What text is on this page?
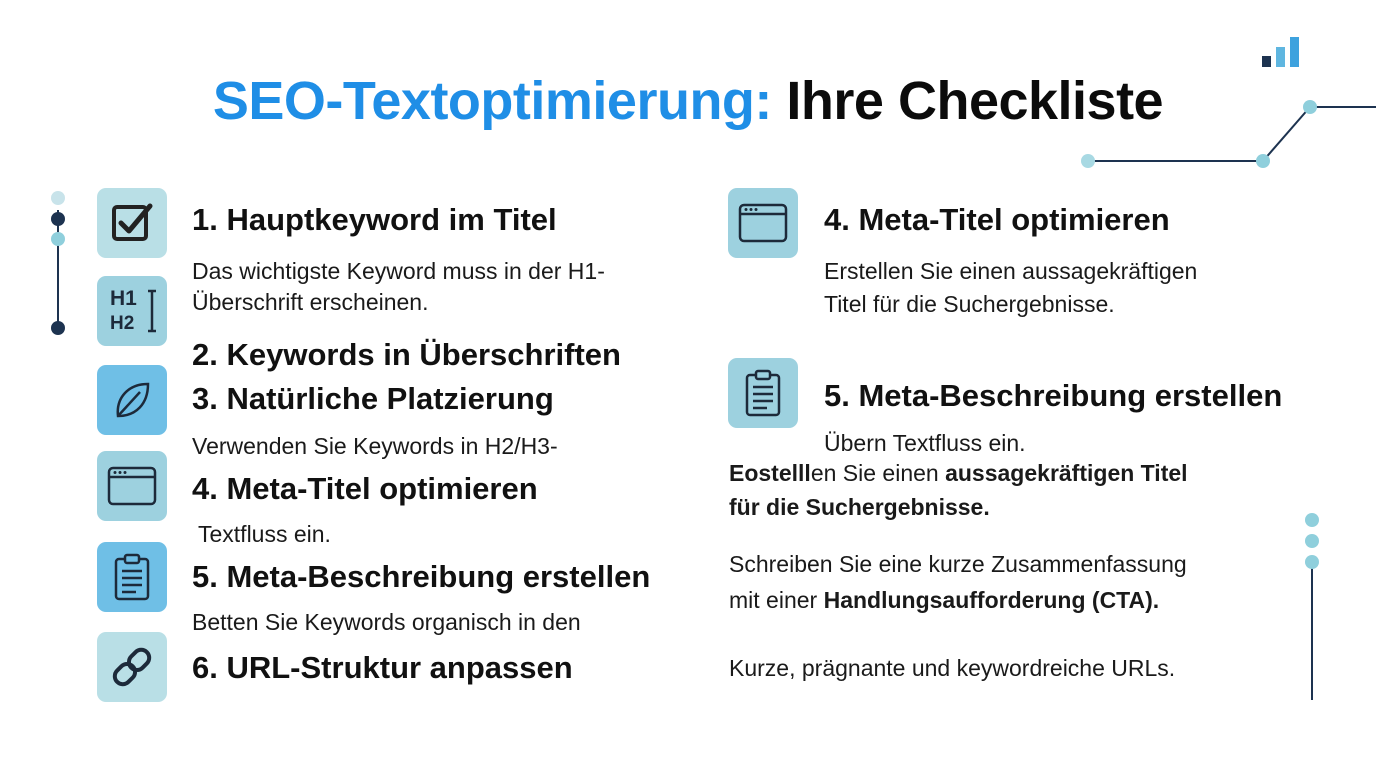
SEO-Textoptimierung: Ihre Checkliste
H1
H2
1. Hauptkeyword im Titel
Das wichtigste Keyword muss in der H1-
Überschrift erscheinen.
2. Keywords in Überschriften
3. Natürliche Platzierung
Verwenden Sie Keywords in H2/H3-
4. Meta-Titel optimieren
Textfluss ein.
5. Meta-Beschreibung erstellen
Betten Sie Keywords organisch in den
6. URL-Struktur anpassen
4. Meta-Titel optimieren
Erstellen Sie einen aussagekräftigen
Titel für die Suchergebnisse.
5. Meta-Beschreibung erstellen
Übern Textfluss ein.
Eostelllen Sie einen aussagekräftigen Titel
für die Suchergebnisse.
Schreiben Sie eine kurze Zusammenfassung
mit einer Handlungsaufforderung (CTA).
Kurze, prägnante und keywordreiche URLs.
